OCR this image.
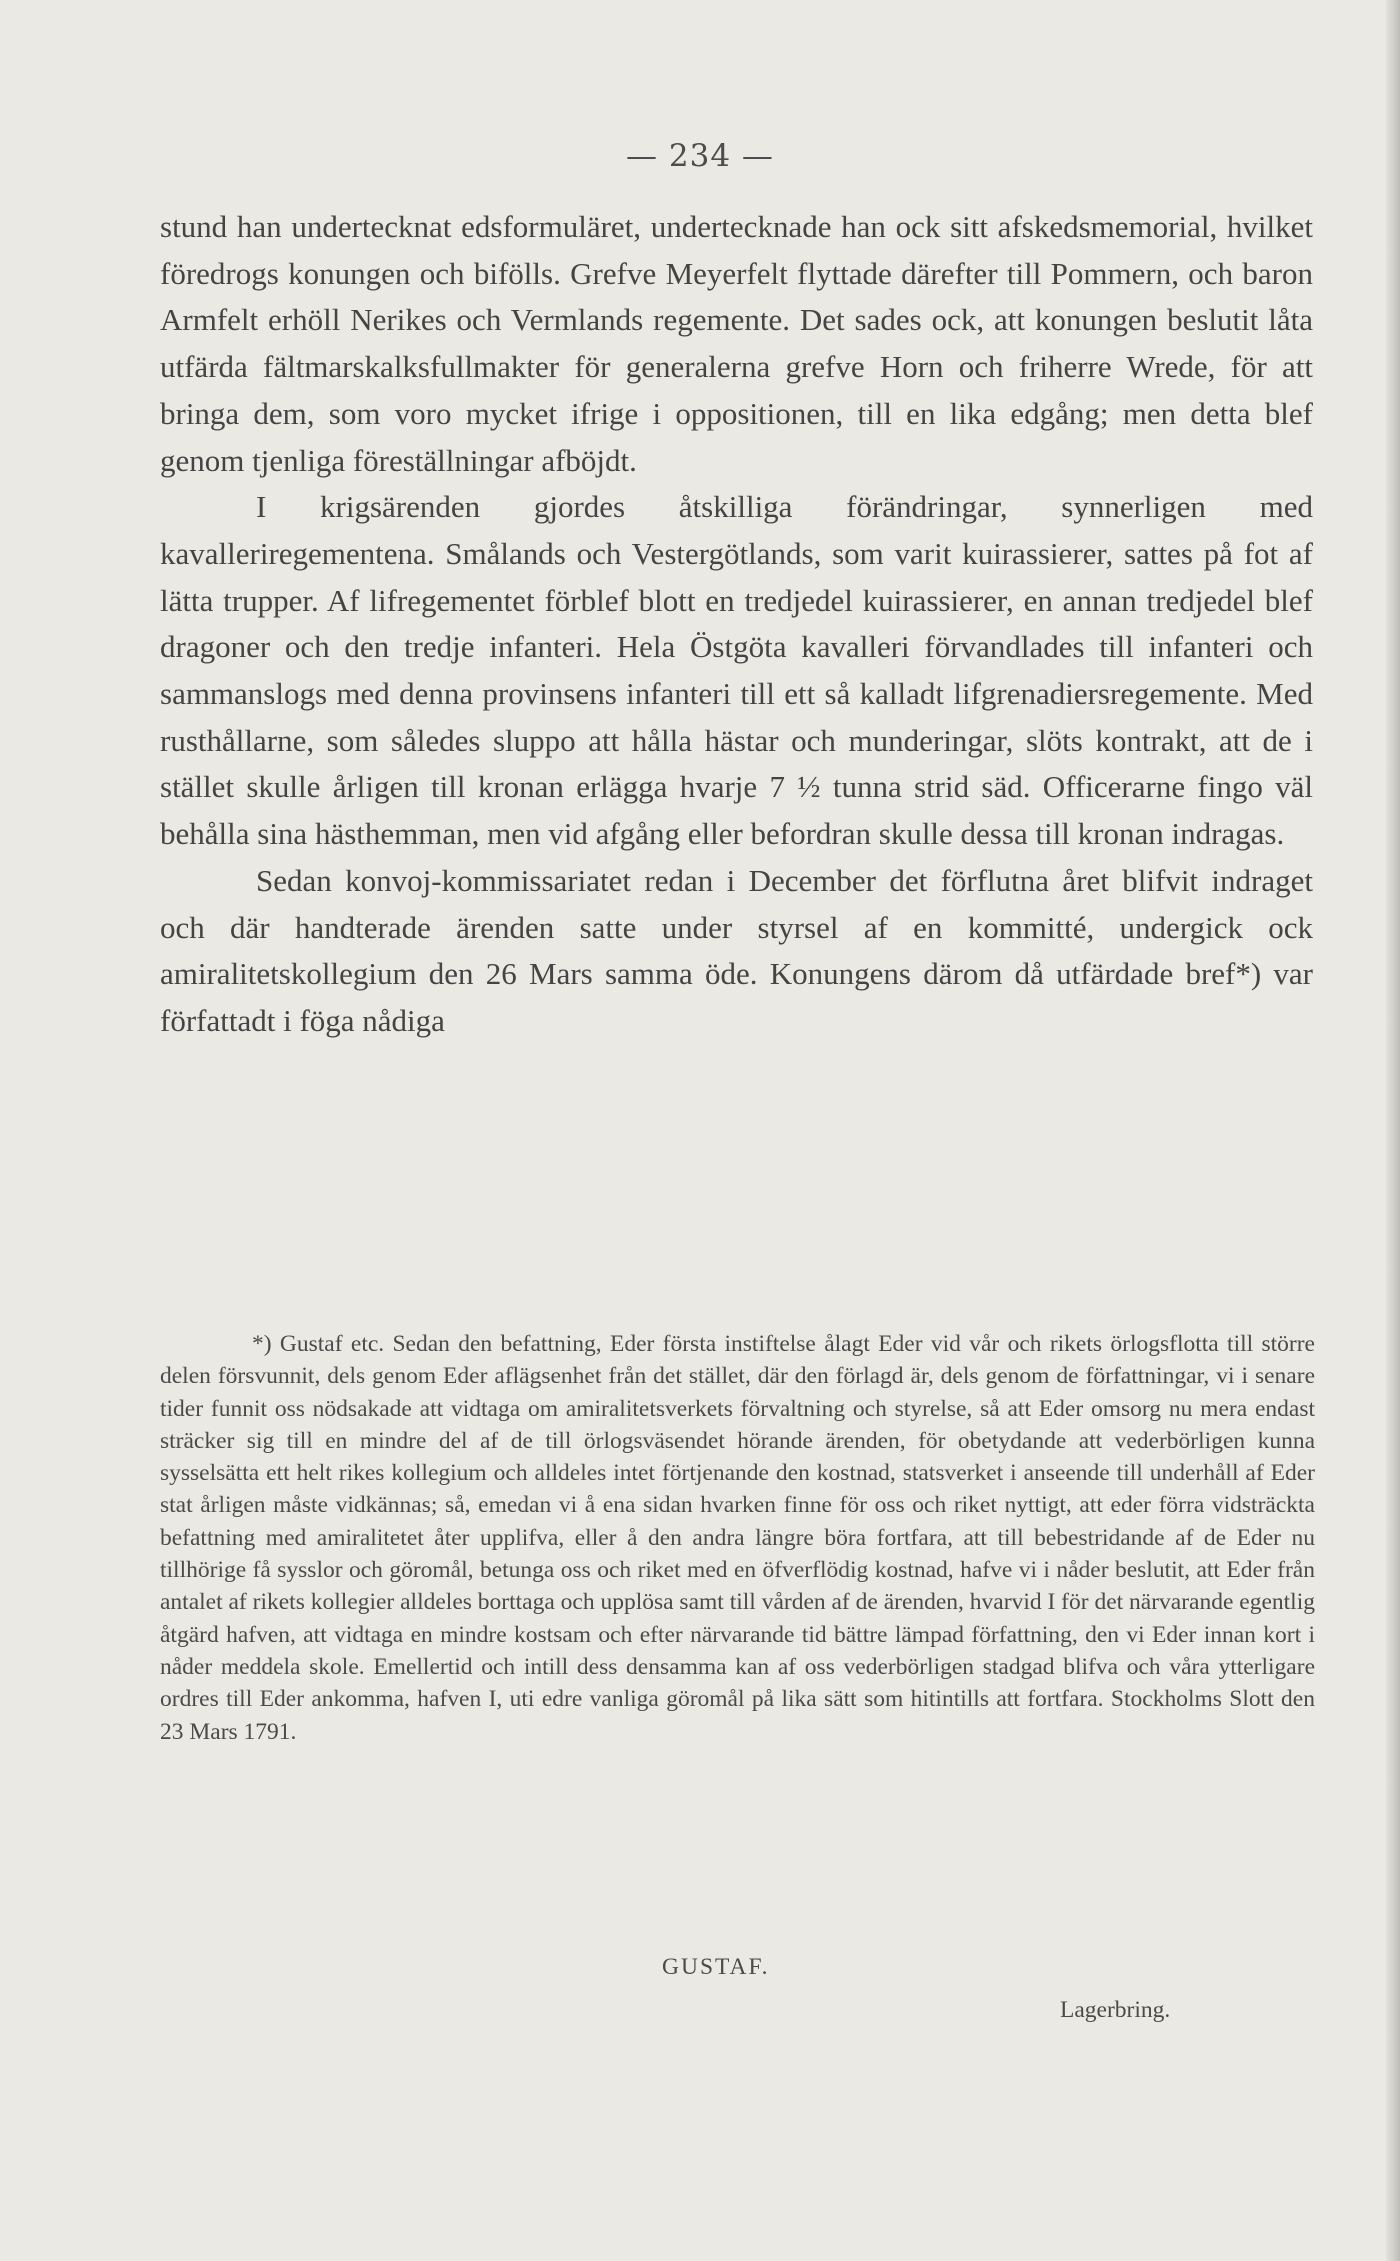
— 234 —

stund han undertecknat edsformuläret, undertecknade han ock sitt afskedsmemorial, hvilket föredrogs konungen och bifölls. Grefve Meyerfelt flyttade därefter till Pommern, och baron Armfelt erhöll Nerikes och Vermlands regemente. Det sades ock, att konungen beslutit låta utfärda fältmarskalksfullmakter för generalerna grefve Horn och friherre Wrede, för att bringa dem, som voro mycket ifrige i oppositionen, till en lika edgång; men detta blef genom tjenliga föreställningar afböjdt.

I krigsärenden gjordes åtskilliga förändringar, synnerligen med kavalleriregementena. Smålands och Vestergötlands, som varit kuirassierer, sattes på fot af lätta trupper. Af lifregementet förblef blott en tredjedel kuirassierer, en annan tredjedel blef dragoner och den tredje infanteri. Hela Östgöta kavalleri förvandlades till infanteri och sammanslogs med denna provinsens infanteri till ett så kalladt lifgrenadiersregemente. Med rusthållarne, som således sluppo att hålla hästar och munderingar, slöts kontrakt, att de i stället skulle årligen till kronan erlägga hvarje 7 ½ tunna strid säd. Officerarne fingo väl behålla sina hästhemman, men vid afgång eller befordran skulle dessa till kronan indragas.

Sedan konvoj-kommissariatet redan i December det förflutna året blifvit indraget och där handterade ärenden satte under styrsel af en kommitté, undergick ock amiralitetskollegium den 26 Mars samma öde. Konungens därom då utfärdade bref*) var författadt i föga nådiga

*) Gustaf etc. Sedan den befattning, Eder första instiftelse ålagt Eder vid vår och rikets örlogsflotta till större delen försvunnit, dels genom Eder aflägsenhet från det stället, där den förlagd är, dels genom de författningar, vi i senare tider funnit oss nödsakade att vidtaga om amiralitetsverkets förvaltning och styrelse, så att Eder omsorg nu mera endast sträcker sig till en mindre del af de till örlogsväsendet hörande ärenden, för obetydande att vederbörligen kunna sysselsätta ett helt rikes kollegium och alldeles intet förtjenande den kostnad, statsverket i anseende till underhåll af Eder stat årligen måste vidkännas; så, emedan vi å ena sidan hvarken finne för oss och riket nyttigt, att eder förra vidsträckta befattning med amiralitetet åter upplifva, eller å den andra längre böra fortfara, att till bebestridande af de Eder nu tillhörige få sysslor och göromål, betunga oss och riket med en öfverflödig kostnad, hafve vi i nåder beslutit, att Eder från antalet af rikets kollegier alldeles borttaga och upplösa samt till vården af de ärenden, hvarvid I för det närvarande egentlig åtgärd hafven, att vidtaga en mindre kostsam och efter närvarande tid bättre lämpad författning, den vi Eder innan kort i nåder meddela skole. Emellertid och intill dess densamma kan af oss vederbörligen stadgad blifva och våra ytterligare ordres till Eder ankomma, hafven I, uti edre vanliga göromål på lika sätt som hitintills att fortfara. Stockholms Slott den 23 Mars 1791.

GUSTAF.
Lagerbring.
